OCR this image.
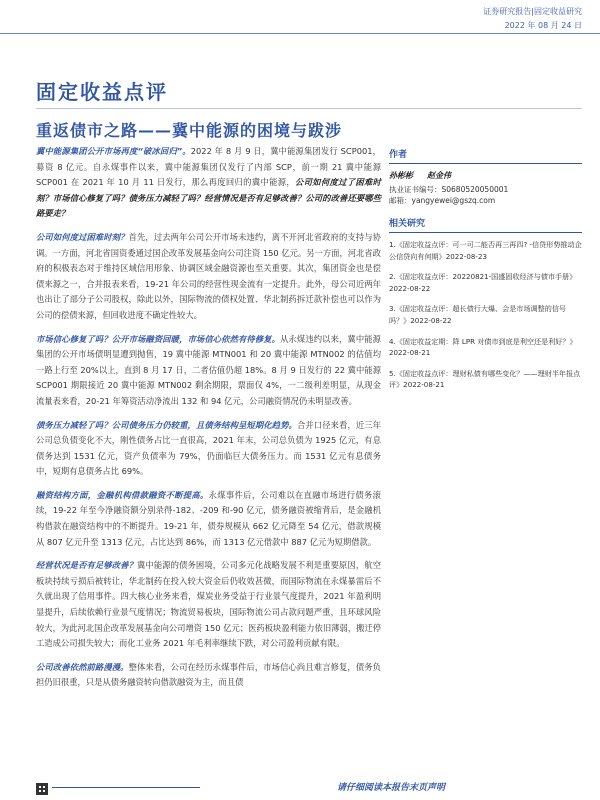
证券研究报告|固定收益研究
2022 年 08 月 24 日
固定收益点评
重返债市之路——冀中能源的困境与跋涉

冀中能源集团公开市场再度“破冰回归”。2022 年 8 月 9 日，冀中能源集团发行 SCP001，募资 8 亿元。自永煤事件以来，冀中能源集团仅发行了内部 SCP，前一期 21 冀中能源 SCP001 在 2021 年 10 月 11 日发行，那么再度回归的冀中能源，公司如何度过了困难时刻？市场信心修复了吗？债务压力减轻了吗？经营情况是否有足够改善？公司的改善还要哪些路要走？

公司如何度过困难时刻？首先，过去两年公司公开市场未违约，离不开河北省政府的支持与协调。一方面，河北省国资委通过国企改革发展基金向公司注资 150 亿元。另一方面，河北省政府的积极表态对于维持区域信用形象、协调区域金融资源也至关重要。其次，集团资金也是偿债来源之一，合并报表来看，19-21 年公司的经营性现金流有一定提升。此外，母公司近两年也出让了部分子公司股权，除此以外，国际物流的债权处置、华北制药拆迁款补偿也可以作为公司的偿债来源，但回收进度不确定性较大。

市场信心修复了吗？公开市场融资回暖，市场信心依然有待修复。从永煤违约以来，冀中能源集团的公开市场债明显遭到抛售，19 冀中能源 MTN001 和 20 冀中能源 MTN002 的估值均一路上行至 20%以上，直到 8 月 17 日，二者估值仍超 18%。8 月 9 日发行的 22 冀中能源 SCP001 期限接近 20 冀中能源 MTN002 剩余期限，票面仅 4%，一二级利差明显，从现金流量表来看，20-21 年筹资活动净流出 132 和 94 亿元，公司融资情况仍未明显改善。

债务压力减轻了吗？公司债务压力仍较重，且债务结构呈短期化趋势。合并口径来看，近三年公司总负债变化不大，刚性债务占比一直很高，2021 年末，公司总负债为 1925 亿元，有息债务达到 1531 亿元，资产负债率为 79%，仍面临巨大债务压力。而 1531 亿元有息债务中，短期有息债务占比 69%。

融资结构方面，金融机构借款融资不断提高。永煤事件后，公司难以在直融市场进行债务滚续，19-22 年至今净融资额分别录得-182、-209 和-90 亿元，债务融资被缩背后，是金融机构借款在融资结构中的不断提升。19-21 年，债券规模从 662 亿元降至 54 亿元，借款规模从 807 亿元升至 1313 亿元，占比达到 86%，而 1313 亿元借款中 887 亿元为短期借款。

经营状况是否有足够改善？冀中能源的债务困境，公司多元化战略发展不利是重要原因，航空板块持续亏损后被转让，华北制药在投入较大资金后仍收效甚微，而国际物流在永煤暴雷后不久就出现了信用事件。四大核心业务来看，煤炭业务受益于行业景气度提升，2021 年盈利明显提升，后续依赖行业景气度情况；物流贸易板块，国际物流公司占款问题严重，且环球风险较大，为此河北国企改革发展基金向公司增资 150 亿元；医药板块盈利能力依旧薄弱，搬迁停工造成公司损失较大；而化工业务 2021 年毛利率继续下跌，对公司盈利贡献有限。

公司改善依然前路漫漫。整体来看，公司在经历永煤事件后，市场信心尚且难言修复，债务负担仍旧很重，只是从债务融资转向借款融资为主，而且债

作者
孙彬彬 赵金伟
执业证书编号：S0680520050001
邮箱：yangyewei@gszq.com
相关研究
1.《固定收益点评：可一可二能否再三再四? -信贷形势推动企公信贷向有何期》2022-08-23
2.《固定收益点评：20220821-国盛固收经济与债市手册》2022-08-22
3.《固定收益点评：超长债行大爆、会是市场调整的信号吗？》2022-08-22
4.《固定收益定期：降 LPR 对债市到底是利空还是利好？》2022-08-21
5.《固定收益点评：理财私债有哪些变化？——理财半年报点评》2022-08-21
请仔细阅读本报告末页声明
